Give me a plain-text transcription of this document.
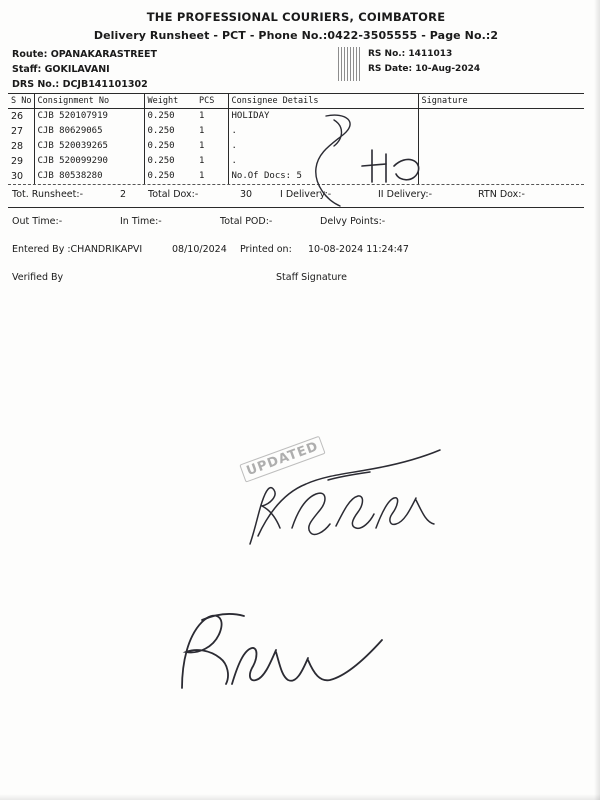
THE PROFESSIONAL COURIERS, COIMBATORE
Delivery Runsheet - PCT - Phone No.:0422-3505555 - Page No.:2
Route: OPANAKARASTREET
Staff: GOKILAVANI
DRS No.: DCJB141101302
RS No.: 1411013
RS Date: 10-Aug-2024
S No	Consignment No	Weight	PCS	Consignee Details	Signature
26	CJB 520107919	0.250	1	HOLIDAY	
27	CJB 80629065	0.250	1	.	
28	CJB 520039265	0.250	1	.	
29	CJB 520099290	0.250	1	.	
30	CJB 80538280	0.250	1	No.Of Docs: 5	
Tot. Runsheet:-	2 Total Dox:-	30	I Delivery:-	II Delivery:-	RTN Dox:-
Out Time:-	In Time:-	Total POD:-	Delvy Points:-
Entered By :CHANDRIKAPVI	08/10/2024 Printed on: 10-08-2024 11:24:47
Verified By	Staff Signature
UPDATED
